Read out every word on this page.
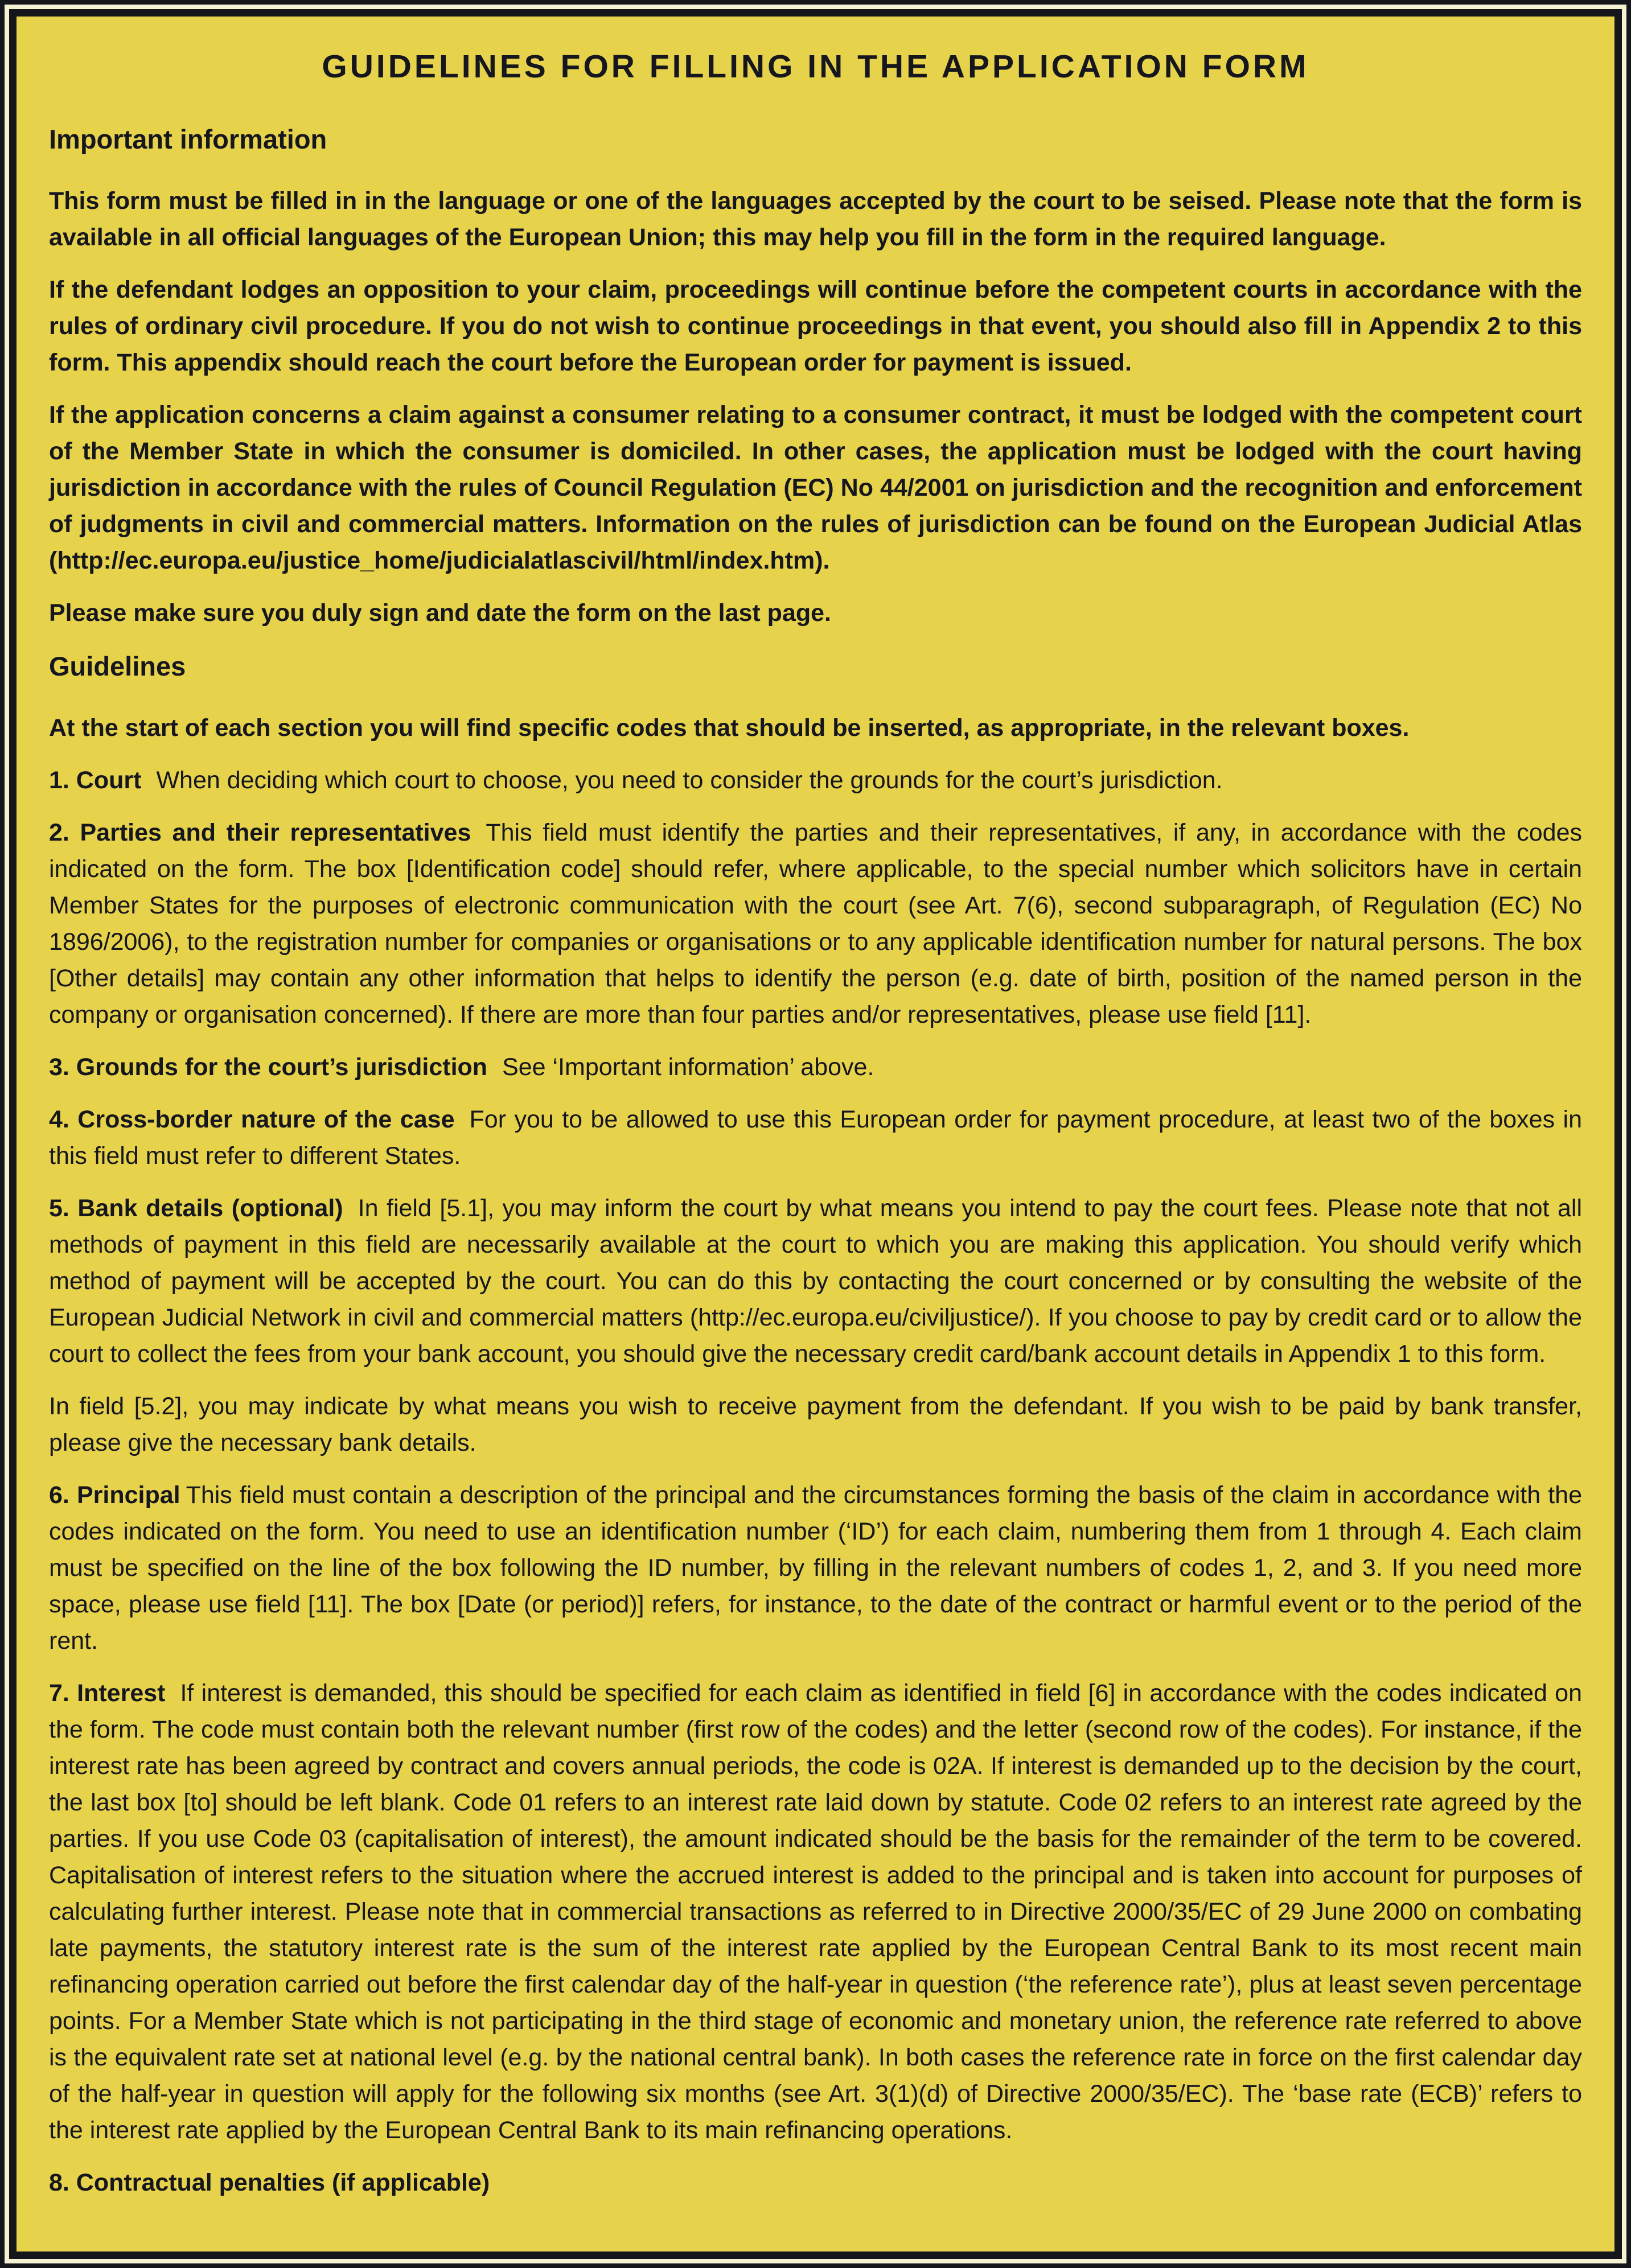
GUIDELINES FOR FILLING IN THE APPLICATION FORM
Important information

This form must be filled in in the language or one of the languages accepted by the court to be seised. Please note that the form is available in all official languages of the European Union; this may help you fill in the form in the required language.

If the defendant lodges an opposition to your claim, proceedings will continue before the competent courts in accordance with the rules of ordinary civil procedure. If you do not wish to continue proceedings in that event, you should also fill in Appendix 2 to this form. This appendix should reach the court before the European order for payment is issued.

If the application concerns a claim against a consumer relating to a consumer contract, it must be lodged with the competent court of the Member State in which the consumer is domiciled. In other cases, the application must be lodged with the court having jurisdiction in accordance with the rules of Council Regulation (EC) No 44/2001 on jurisdiction and the recognition and enforcement of judgments in civil and commercial matters. Information on the rules of jurisdiction can be found on the European Judicial Atlas (http://ec.europa.eu/justice_home/judicialatlascivil/html/index.htm).

Please make sure you duly sign and date the form on the last page.

Guidelines

At the start of each section you will find specific codes that should be inserted, as appropriate, in the relevant boxes.

1. Court When deciding which court to choose, you need to consider the grounds for the court’s jurisdiction.

2. Parties and their representatives This field must identify the parties and their representatives, if any, in accordance with the codes indicated on the form. The box [Identification code] should refer, where applicable, to the special number which solicitors have in certain Member States for the purposes of electronic communication with the court (see Art. 7(6), second subparagraph, of Regulation (EC) No 1896/2006), to the registration number for companies or organisations or to any applicable identification number for natural persons. The box [Other details] may contain any other information that helps to identify the person (e.g. date of birth, position of the named person in the company or organisation concerned). If there are more than four parties and/or representatives, please use field [11].

3. Grounds for the court’s jurisdiction See ‘Important information’ above.

4. Cross-border nature of the case For you to be allowed to use this European order for payment procedure, at least two of the boxes in this field must refer to different States.

5. Bank details (optional) In field [5.1], you may inform the court by what means you intend to pay the court fees. Please note that not all methods of payment in this field are necessarily available at the court to which you are making this application. You should verify which method of payment will be accepted by the court. You can do this by contacting the court concerned or by consulting the website of the European Judicial Network in civil and commercial matters (http://ec.europa.eu/civiljustice/). If you choose to pay by credit card or to allow the court to collect the fees from your bank account, you should give the necessary credit card/bank account details in Appendix 1 to this form.

In field [5.2], you may indicate by what means you wish to receive payment from the defendant. If you wish to be paid by bank transfer, please give the necessary bank details.

6. Principal This field must contain a description of the principal and the circumstances forming the basis of the claim in accordance with the codes indicated on the form. You need to use an identification number (‘ID’) for each claim, numbering them from 1 through 4. Each claim must be specified on the line of the box following the ID number, by filling in the relevant numbers of codes 1, 2, and 3. If you need more space, please use field [11]. The box [Date (or period)] refers, for instance, to the date of the contract or harmful event or to the period of the rent.

7. Interest If interest is demanded, this should be specified for each claim as identified in field [6] in accordance with the codes indicated on the form. The code must contain both the relevant number (first row of the codes) and the letter (second row of the codes). For instance, if the interest rate has been agreed by contract and covers annual periods, the code is 02A. If interest is demanded up to the decision by the court, the last box [to] should be left blank. Code 01 refers to an interest rate laid down by statute. Code 02 refers to an interest rate agreed by the parties. If you use Code 03 (capitalisation of interest), the amount indicated should be the basis for the remainder of the term to be covered. Capitalisation of interest refers to the situation where the accrued interest is added to the principal and is taken into account for purposes of calculating further interest. Please note that in commercial transactions as referred to in Directive 2000/35/EC of 29 June 2000 on combating late payments, the statutory interest rate is the sum of the interest rate applied by the European Central Bank to its most recent main refinancing operation carried out before the first calendar day of the half-year in question (‘the reference rate’), plus at least seven percentage points. For a Member State which is not participating in the third stage of economic and monetary union, the reference rate referred to above is the equivalent rate set at national level (e.g. by the national central bank). In both cases the reference rate in force on the first calendar day of the half-year in question will apply for the following six months (see Art. 3(1)(d) of Directive 2000/35/EC). The ‘base rate (ECB)’ refers to the interest rate applied by the European Central Bank to its main refinancing operations.

8. Contractual penalties (if applicable)
